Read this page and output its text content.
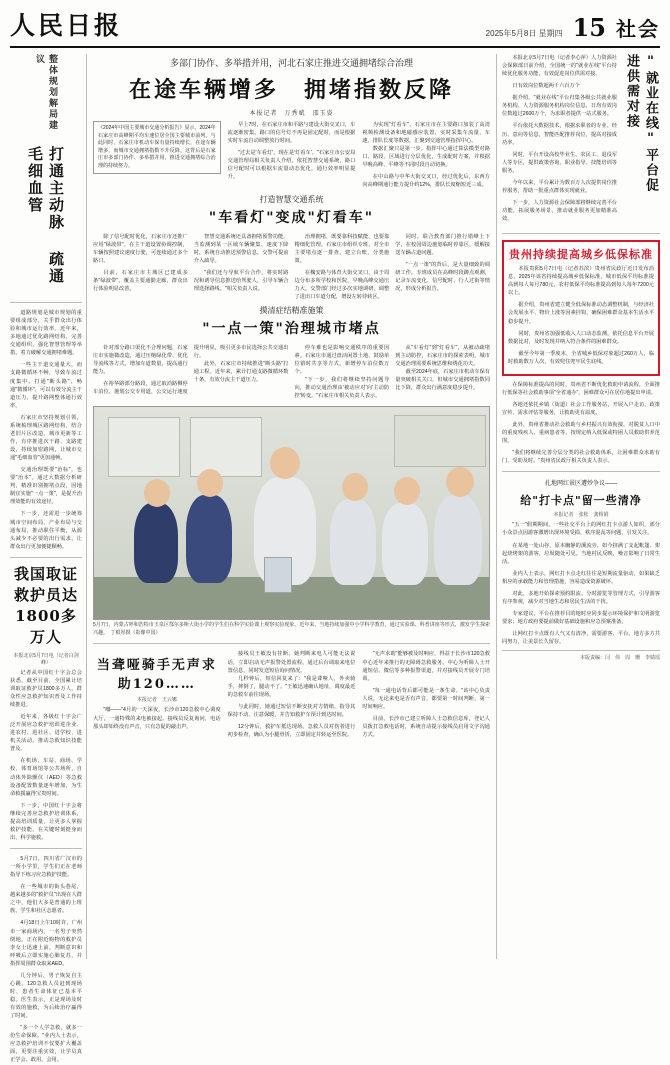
人民日报	2025年5月8日 星期四 15 社会
整体规划解局建议
打通主动脉 疏通毛细血管

道路规划是城市规划的重要组成部分，关乎群众出行体验和城市运行效率。近年来，多地通过优化路网结构、完善交通组织、强化智慧管理等举措，着力破解交通拥堵难题。

一些主干道交通量大，而支路微循环不畅，导致车流过度集中。打通"断头路"、畅通"微循环"，可以有效分流主干道压力，提升路网整体通行效率。

石家庄市坚持规划引领，系统梳理城区路网结构，结合老旧片区改造、城市更新等工作，有序推进次干路、支路建设，持续加密路网，让城市交通"毛细血管"更加通畅。

交通治理既要"治标"，也要"治本"。通过大数据分析研判，精准识别拥堵点段，因地制宜实施"一点一策"，是提升治理效能的有效途径。

下一步，还需进一步统筹城市空间布局、产业布局与交通布局，推动职住平衡，从源头减少不必要的出行需求，让群众出行更加便捷顺畅。

我国取证救护员达1800多万人
本报北京5月7日电（记者白剑峰）

记者从中国红十字会总会获悉，截至目前，全国累计培训取证救护员1800多万人，群众性应急救护知识普及工作持续推进。

近年来，各级红十字会广泛开展应急救护培训进企业、进农村、进社区、进学校、进机关活动，推动急救知识技能普及。

在机场、车站、商场、学校、体育场馆等公共场所，自动体外除颤仪（AED）等急救设备配置数量逐年增加，为生命救援赢得宝贵时间。

下一步，中国红十字会将继续完善应急救护培训体系，提高培训质量，让更多人掌握救护技能，在关键时刻挺身而出、科学施救。

5月7日，四川省广汉市的一所小学里，学生们正在老师指导下练习应急救护技能。

在一些城市的街头巷尾，越来越多的"救护员"出现在人群之中，他们大多是普通的上班族、学生和社区志愿者。

4月18日上午10时许，广州市一家商场内，一名男子突然倒地。正在附近购物的救护员李女士迅速上前，判断意识和呼吸后立即实施心肺复苏，并指挥周围群众取来AED。

几分钟后，男子恢复自主心跳。120急救人员赶到现场时，患者生命体征已基本平稳。医生表示，正是现场及时有效的施救，为后续治疗赢得了时间。

"多一个人学急救，就多一份生命保障。"业内人士表示，应急救护培训不仅要扩大覆盖面，更要注重实效，让学员真正学会、敢用、会用。

多部门协作、多举措并用，河北石家庄推进交通拥堵综合治理
在途车辆增多　拥堵指数反降
本报记者　万秀斌　邵玉姿
《2024年中国主要城市交通分析报告》显示，2024年石家庄市高峰期平均车速位居全国主要城市前列。与此同时，石家庄市机动车保有量持续增长，在途车辆增多，而城市交通拥堵指数不升反降。这背后是石家庄市多部门协作、多举措并用，推进交通拥堵综合治理的持续努力。

早上7时，在石家庄市和平路与建设大街交叉口，车流逐渐密集。路口的信号灯不再是固定配时，而是根据实时车流自动调整放行时间。

"过去是'车看灯'，现在是'灯看车'。"石家庄市公安局交通管理局相关负责人介绍，依托智慧交通系统，路口信号配时可以根据车流量动态优化，通行效率明显提升。

为实现"灯看车"，石家庄市在主要路口加装了高清视频检测设备和地磁感应装置，实时采集车流量、车速、排队长度等数据，汇聚到交通管理指挥中心。

数据汇聚只是第一步。指挥中心通过算法模型对路口、路段、区域进行分层优化，生成配时方案，并根据早晚高峰、平峰等不同时段自动切换。

在中山路与中华大街交叉口，经过优化后，东西方向高峰期通行能力提升约12%，排队长度缩短近三成。

打造智慧交通系统
"车看灯"变成"灯看车"

除了信号配时优化，石家庄市还推广应用"绿波带"。在主干道设置协调控制，车辆按照建议速度行驶，可连续通过多个路口。

目前，石家庄市主城区已建成多条"绿波带"，覆盖主要通勤走廊，群众出行体验明显改善。

智慧交通系统还具备拥堵预警功能。当监测到某一区域车辆聚集、速度下降时，系统自动推送预警信息，交警可提前介入疏导。

"我们还与导航平台合作，将实时路况和诱导信息推送给驾驶人，引导车辆合理选择路线。"相关负责人说。

治理拥堵，既要靠科技赋能，也要靠精细化管理。石家庄市组织专班，对全市主要堵点逐一排查，建立台账，分类施策。

在槐安路与体育大街交叉口，由于周边分布多所学校和医院，早晚高峰交通压力大。交警部门经过多次实地调研，调整了进出口车道分配，增设左转待转区。

同时，联合教育部门推行错峰上下学，在校园周边施划临时停靠区，缓解接送车辆占道问题。

"一点一策"的背后，是大量细致的调研工作。专班成员在高峰时段蹲点观测，记录车流变化、信号配时、行人过街等情况，形成分析报告。

摸清症结精准施策
"一点一策"治理城市堵点

针对部分路口渠化不合理问题，石家庄市实施微改造，通过压缩绿化带、优化导流线等方式，增加车道数量，提高通行能力。

在裕华路部分路段，通过取消路侧停车泊位、施划公交专用道，公交运行速度提升明显，吸引更多市民选择公共交通出行。

此外，石家庄市持续推进"断头路"打通工程。近年来，累计打通支路微循环数十条，有效分流主干道压力。

停车难也是影响交通秩序的重要因素。石家庄市通过盘活闲置土地、鼓励单位错时共享等方式，新增停车泊位数万个。

"下一步，我们将继续坚持问题导向，推动交通治理由'被动应对'向'主动防控'转变。"石家庄市相关负责人表示。

从"车看灯"到"灯看车"，从被动疏堵到主动防控，石家庄市的探索表明，城市交通治理需要系统思维和绣花功夫。

截至2024年底，石家庄市机动车保有量突破相关关口，但城市交通拥堵指数同比下降，群众出行满意度稳步提升。

5月7日，内蒙古呼和浩特市玉泉区鄂尔多斯大街小学的学生们在科学实验课上观察实验现象。近年来，当地持续加强中小学科学教育，通过实验课、科普讲座等形式，激发学生探索兴趣。　丁根厚摄（影像中国）
当聋哑骑手无声求助120……
本报记者　王云娜

"嘟——"4月的一天深夜，长沙市120急救中心调度大厅，一通特殊的来电被接起。接线员反复询问，电话那头却始终没有声音，只有急促的敲击声。

接线员王敏没有挂断。她判断来电人可能无法说话，立即启动无声报警处置流程，通过后台调取来电位置信息，同时发送短信询问情况。

几秒钟后，短信回复来了："我是聋哑人，外卖骑手，摔倒了，腿动不了。"王敏迅速确认地址，调度最近的急救车前往现场。

与此同时，她通过短信不断安抚对方情绪，指导其保持不动、注意保暖，并告知救护车预计到达时间。

12分钟后，救护车抵达现场。急救人员对伤者进行初步检查，确认为小腿骨折，立即固定并转运至医院。

"无声求助"能够被及时响应，得益于长沙市120急救中心近年来推行的无障碍急救服务。中心为听障人士开通短信、微信等多种报警渠道，并对接线员开展专门培训。

"每一通电话背后都可能是一条生命。"该中心负责人说，无论来电是否有声音，都要第一时间判断、第一时间响应。

目前，长沙市已建立听障人士急救信息库，登记人员拨打急救电话时，系统自动提示接线员启用文字沟通方式。

本报北京5月7日电（记者李心萍）人力资源社会保障部日前介绍，全国统一的"就业在线"平台持续优化服务功能，有效促进岗位供需对接。

日有效岗位数超两千六百万个

据介绍，"就业在线"平台归集各级公共就业服务机构、人力资源服务机构岗位信息，日均有效岗位数超过2600万个，为求职者提供一站式服务。

平台依托大数据技术，根据求职者的专业、经历、意向等信息，智能匹配推荐岗位，提高对接成功率。

同时，平台开设高校毕业生、农民工、退役军人等专区，提供政策咨询、职业指导、技能培训等服务。

今年以来，平台累计为数百万人次提供岗位推荐服务，帮助一批重点群体实现就业。

下一步，人力资源社会保障部将继续完善平台功能，拓展服务场景，推动就业服务更加精准高效。

"就业在线"平台促进供需对接
贵州持续提高城乡低保标准

本报贵阳5月7日电（记者苏滨）贵州省民政厅近日发布消息，2025年该省持续提高城乡低保标准，城市低保平均标准提高到每人每月780元，农村低保平均标准提高到每人每年7200元以上。

据介绍，贵州省建立健全低保标准动态调整机制，与经济社会发展水平、物价上涨等因素挂钩，确保困难群众基本生活水平稳步提升。

同时，贵州省加强低收入人口动态监测，依托信息平台开展数据比对，及时发现并纳入符合条件的困难群众。

截至今年第一季度末，全省城乡低保对象超过260万人，临时救助数万人次，有效兜住兜牢民生底线。

在保障标准提高的同时，贵州省不断优化救助申请流程，全面推行低保等社会救助事项"全省通办"，困难群众可在居住地提出申请。

各地还依托乡镇（街道）社会工作服务站，开展入户走访、政策宣传、需求评估等服务，让救助更有温度。

此外，贵州省推动社会救助与乡村振兴有效衔接，对脱贫人口中的重度残疾人、重病患者等，按规定纳入低保或特困人员救助供养范围。

"我们将继续完善分层分类的社会救助体系，让困难群众求助有门、受助及时。"贵州省民政厅相关负责人表示。

扎地网红景区遭炒争议——
给"打卡点"留一些清净
本报记者　张枨　龚相娟

"五一"假期期间，一些社交平台上的网红打卡点游人如织，部分小众景点因游客激增出现环境受损、秩序混乱等问题，引发关注。

在某地一处山谷，原本幽静的溪流旁，如今挤满了支起帐篷、架起烧烤架的游客，垃圾随处可见。当地村民反映，噪音影响了日常生活。

业内人士表示，网红打卡点走红往往是短期流量驱动，如果缺乏相应的承载能力和管理措施，容易造成资源破坏。

对此，多地开始探索预约限流、分时游览等管理方式，引导游客有序参观，减少对当地生态和居民生活的干扰。

专家建议，平台在推荐目的地时应同步提示环境保护和文明游览要求；地方政府要提前做好基础设施和应急预案准备。

让网红打卡点既有人气又有清净，需要游客、平台、地方多方共同努力，让美景长久留存。

本版责编：闫　伟　周　珊　李婧瑶
